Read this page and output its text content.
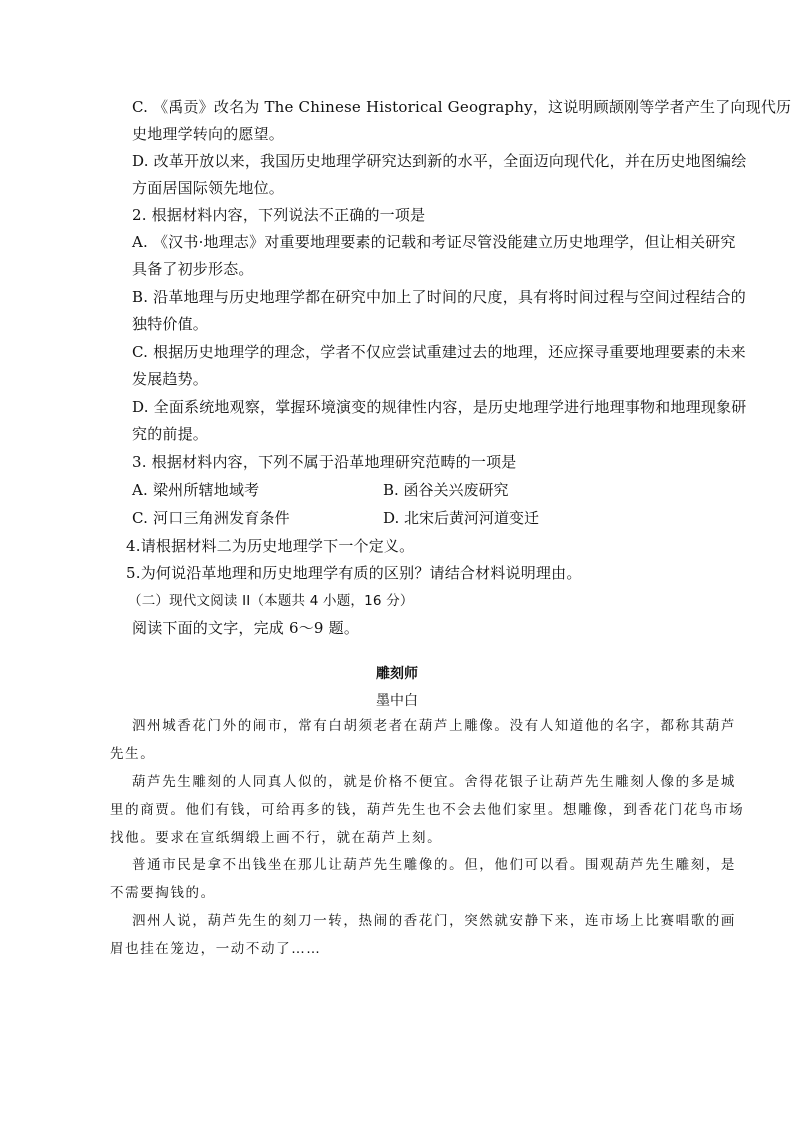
C. 《禹贡》改名为 The Chinese Historical Geography，这说明顾颉刚等学者产生了向现代历
史地理学转向的愿望。
D. 改革开放以来，我国历史地理学研究达到新的水平，全面迈向现代化，并在历史地图编绘
方面居国际领先地位。
2. 根据材料内容，下列说法不正确的一项是
A. 《汉书·地理志》对重要地理要素的记载和考证尽管没能建立历史地理学，但让相关研究
具备了初步形态。
B. 沿革地理与历史地理学都在研究中加上了时间的尺度，具有将时间过程与空间过程结合的
独特价值。
C. 根据历史地理学的理念，学者不仅应尝试重建过去的地理，还应探寻重要地理要素的未来
发展趋势。
D. 全面系统地观察，掌握环境演变的规律性内容，是历史地理学进行地理事物和地理现象研
究的前提。
3. 根据材料内容，下列不属于沿革地理研究范畴的一项是
A. 梁州所辖地域考	B. 函谷关兴废研究
C. 河口三角洲发育条件	D. 北宋后黄河河道变迁
4.请根据材料二为历史地理学下一个定义。
5.为何说沿革地理和历史地理学有质的区别？请结合材料说明理由。
（二）现代文阅读 II（本题共 4 小题，16 分）
阅读下面的文字，完成 6～9 题。
雕刻师
墨中白
泗州城香花门外的闹市，常有白胡须老者在葫芦上雕像。没有人知道他的名字，都称其葫芦
先生。
葫芦先生雕刻的人同真人似的，就是价格不便宜。舍得花银子让葫芦先生雕刻人像的多是城
里的商贾。他们有钱，可给再多的钱，葫芦先生也不会去他们家里。想雕像，到香花门花鸟市场
找他。要求在宣纸绸缎上画不行，就在葫芦上刻。
普通市民是拿不出钱坐在那儿让葫芦先生雕像的。但，他们可以看。围观葫芦先生雕刻，是
不需要掏钱的。
泗州人说，葫芦先生的刻刀一转，热闹的香花门，突然就安静下来，连市场上比赛唱歌的画
眉也挂在笼边，一动不动了……
